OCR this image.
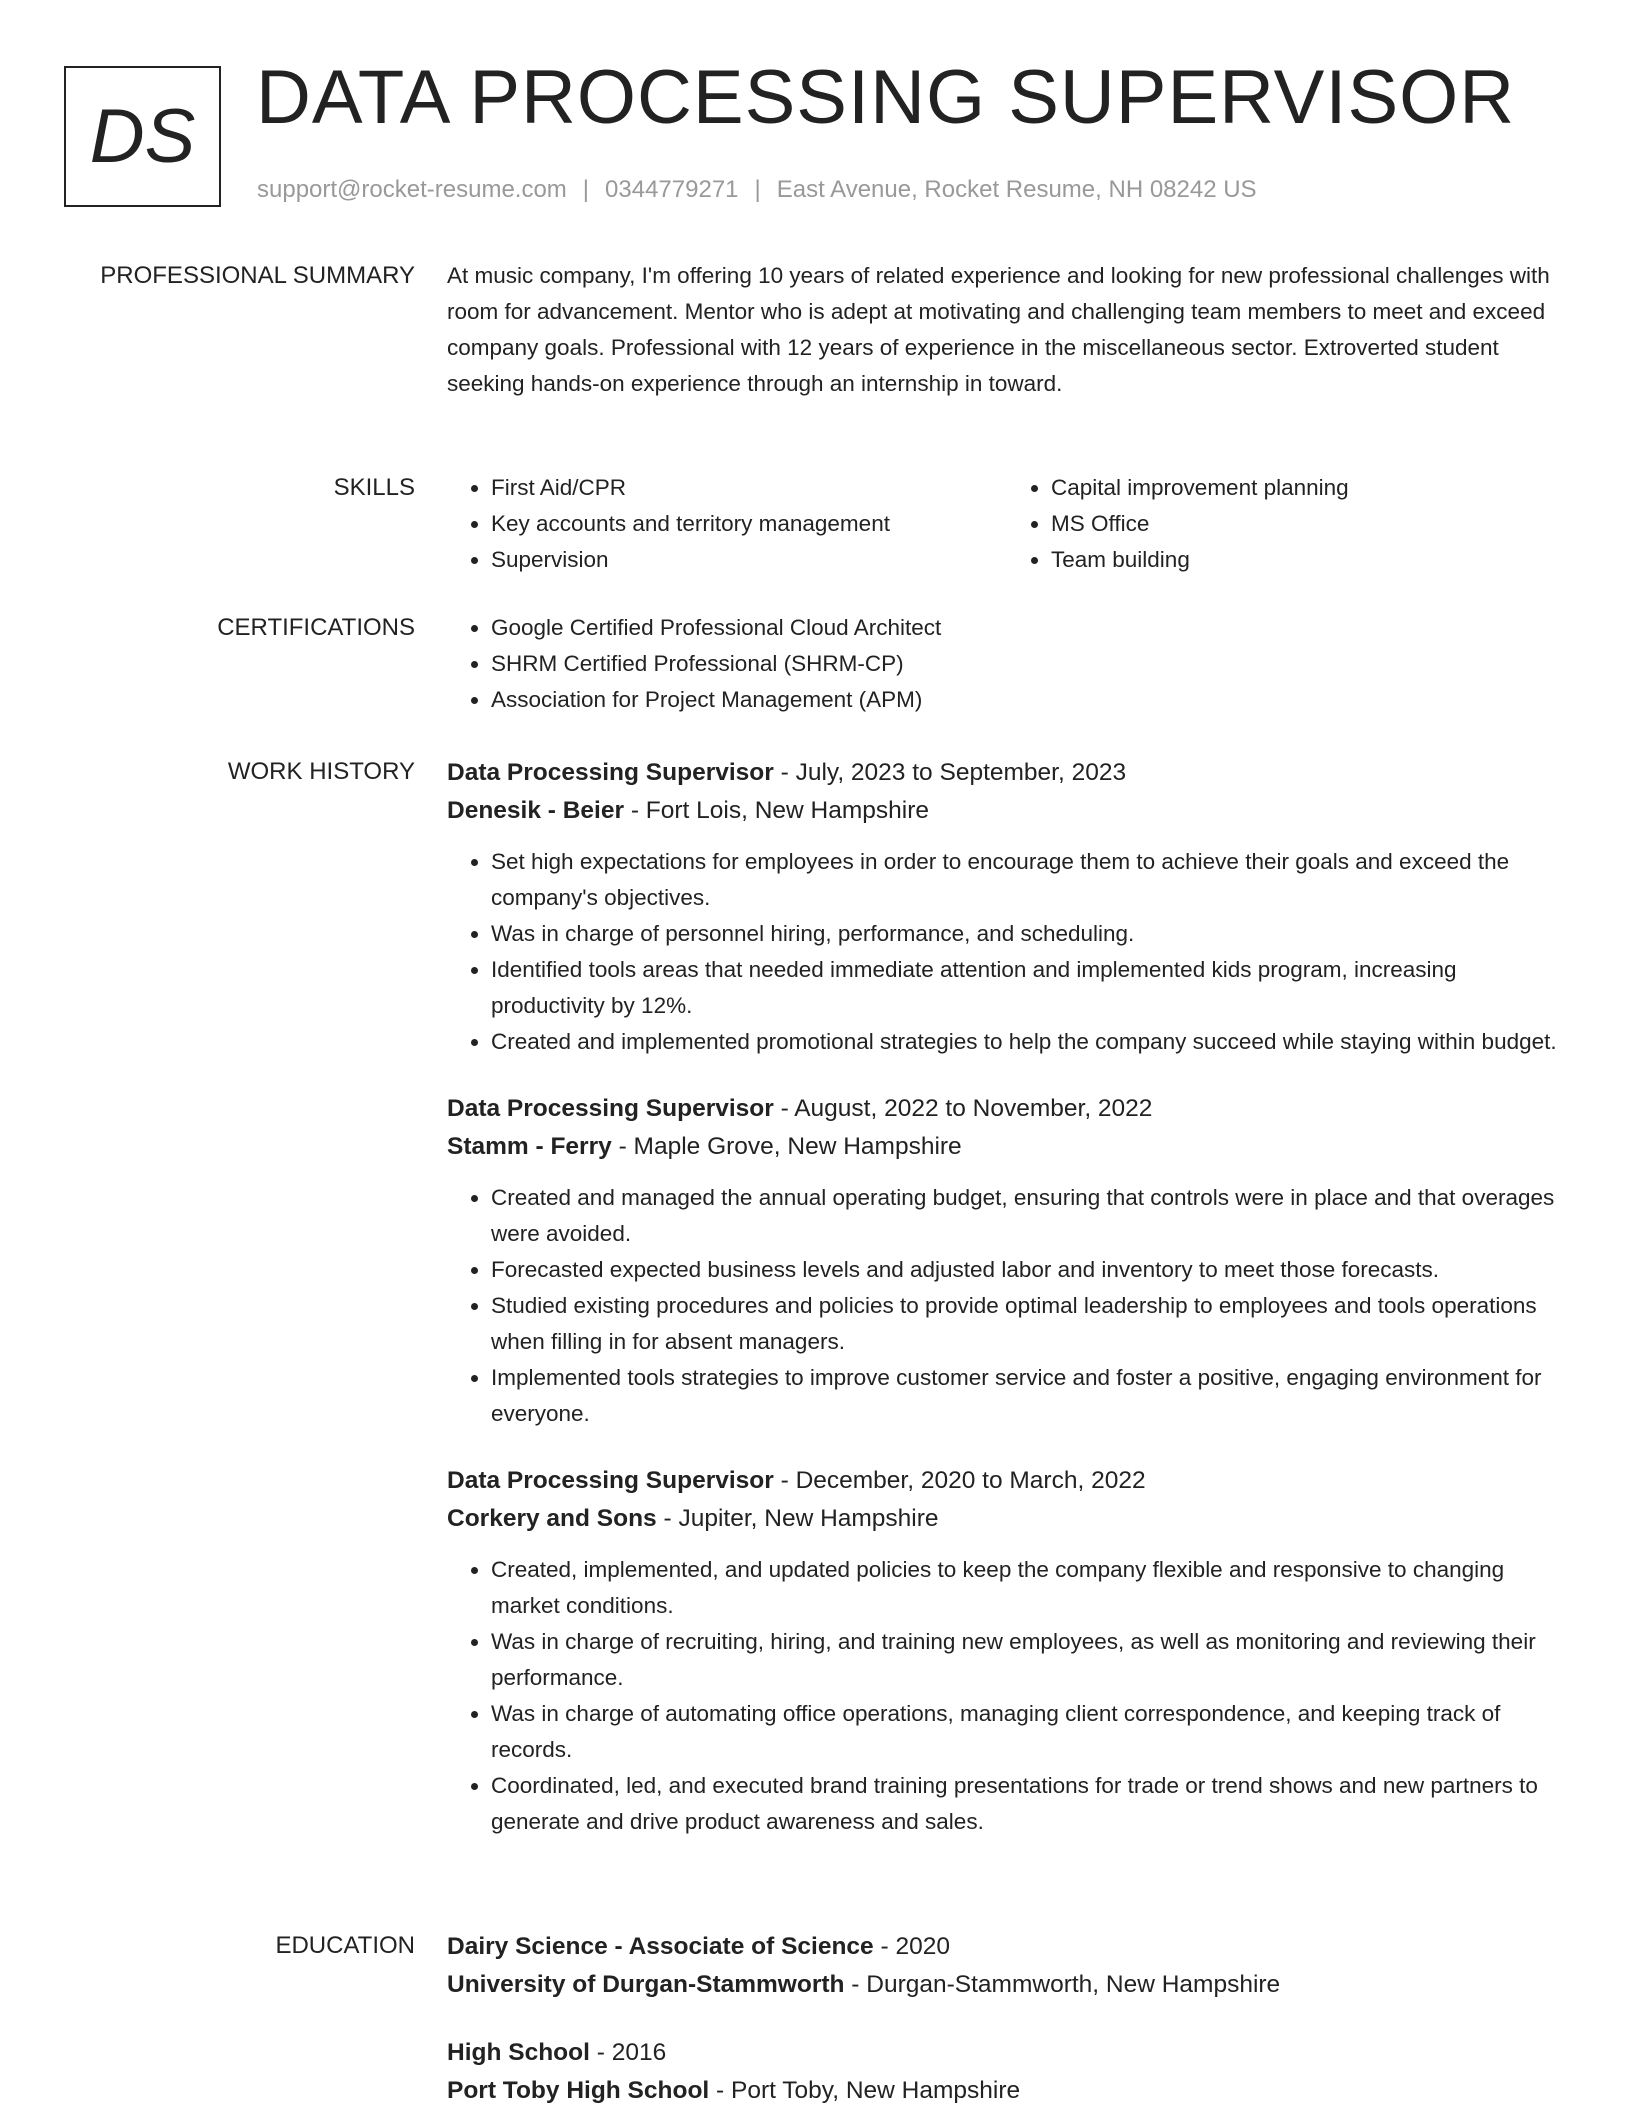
DS DATA PROCESSING SUPERVISOR
support@rocket-resume.com | 0344779271 | East Avenue, Rocket Resume, NH 08242 US
PROFESSIONAL SUMMARY At music company, I'm offering 10 years of related experience and looking for new professional challenges with room for advancement. Mentor who is adept at motivating and challenging team members to meet and exceed company goals. Professional with 12 years of experience in the miscellaneous sector. Extroverted student seeking hands-on experience through an internship in toward.
SKILLS	• First Aid/CPR
• Key accounts and territory management
• Supervision
• Capital improvement planning
• MS Office
• Team building
CERTIFICATIONS	• Google Certified Professional Cloud Architect
• SHRM Certified Professional (SHRM-CP)
• Association for Project Management (APM)
WORK HISTORY Data Processing Supervisor - July, 2023 to September, 2023
Denesik - Beier - Fort Lois, New Hampshire
• Set high expectations for employees in order to encourage them to achieve their goals and exceed the company's objectives.
• Was in charge of personnel hiring, performance, and scheduling.
• Identified tools areas that needed immediate attention and implemented kids program, increasing productivity by 12%.
• Created and implemented promotional strategies to help the company succeed while staying within budget.
Data Processing Supervisor - August, 2022 to November, 2022
Stamm - Ferry - Maple Grove, New Hampshire
• Created and managed the annual operating budget, ensuring that controls were in place and that overages were avoided.
• Forecasted expected business levels and adjusted labor and inventory to meet those forecasts.
• Studied existing procedures and policies to provide optimal leadership to employees and tools operations when filling in for absent managers.
• Implemented tools strategies to improve customer service and foster a positive, engaging environment for everyone.
Data Processing Supervisor - December, 2020 to March, 2022
Corkery and Sons - Jupiter, New Hampshire
• Created, implemented, and updated policies to keep the company flexible and responsive to changing market conditions.
• Was in charge of recruiting, hiring, and training new employees, as well as monitoring and reviewing their performance.
• Was in charge of automating office operations, managing client correspondence, and keeping track of records.
• Coordinated, led, and executed brand training presentations for trade or trend shows and new partners to generate and drive product awareness and sales.
EDUCATION Dairy Science - Associate of Science - 2020
University of Durgan-Stammworth - Durgan-Stammworth, New Hampshire
High School - 2016
Port Toby High School - Port Toby, New Hampshire
